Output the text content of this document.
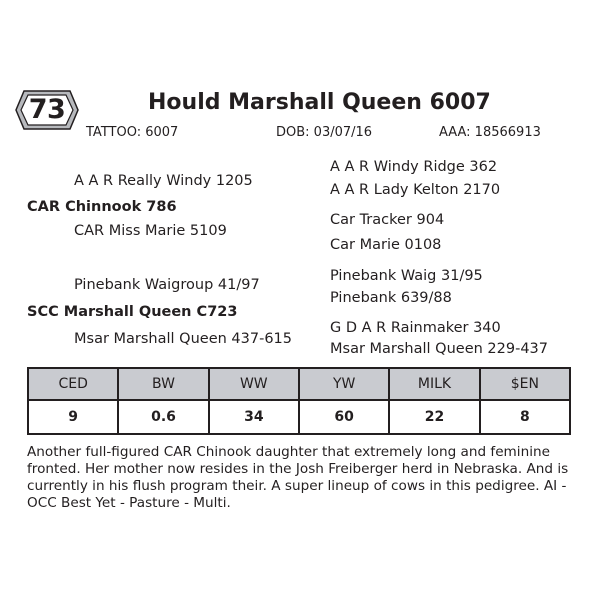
73	Hould Marshall Queen 6007
TATTOO: 6007	DOB: 03/07/16	AAA: 18566913
A A R Really Windy 1205
CAR Chinnook 786
CAR Miss Marie 5109
A A R Windy Ridge 362
A A R Lady Kelton 2170
Car Tracker 904
Car Marie 0108
Pinebank Waigroup 41/97
SCC Marshall Queen C723
Msar Marshall Queen 437-615
Pinebank Waig 31/95
Pinebank 639/88
G D A R Rainmaker 340
Msar Marshall Queen 229-437
CED	BW	WW	YW	MILK	$EN
9	0.6	34	60	22	8
Another full-figured CAR Chinook daughter that extremely long and feminine fronted. Her mother now resides in the Josh Freiberger herd in Nebraska. And is currently in his flush program their. A super lineup of cows in this pedigree. AI - OCC Best Yet - Pasture - Multi.
